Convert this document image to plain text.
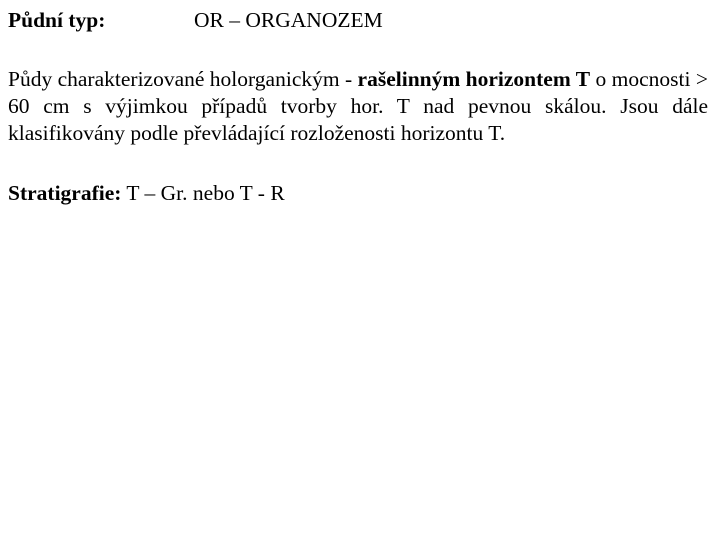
Půdní typ:	OR – ORGANOZEM
Půdy charakterizované holorganickým - rašelinným horizontem T o mocnosti > 60 cm s výjimkou případů tvorby hor. T nad pevnou skálou. Jsou dále klasifikovány podle převládající rozloženosti horizontu T.
Stratigrafie: T – Gr. nebo T - R
